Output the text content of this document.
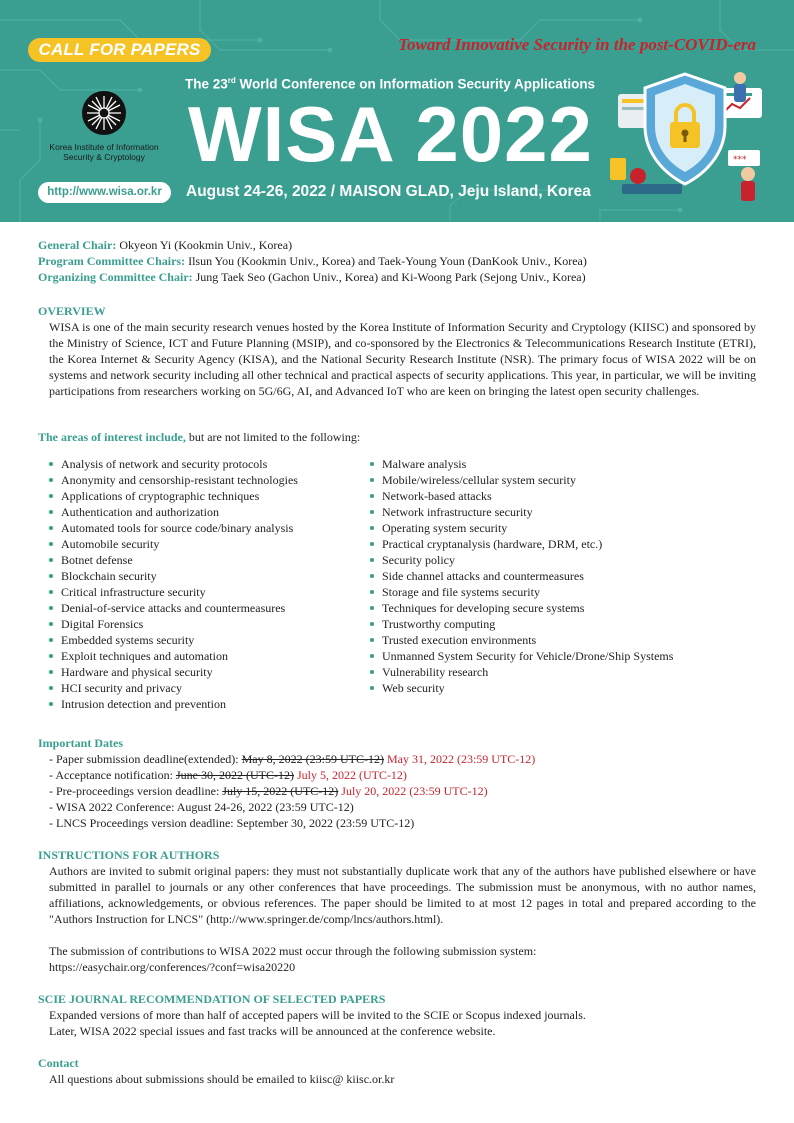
CALL FOR PAPERS	Toward Innovative Security in the post-COVID-era
The 23rd World Conference on Information Security Applications
WISA 2022
August 24-26, 2022 / MAISON GLAD, Jeju Island, Korea
http://www.wisa.or.kr
Korea Institute of Information
Security & Cryptology	***

General Chair: Okyeon Yi (Kookmin Univ., Korea)

Program Committee Chairs: Ilsun You (Kookmin Univ., Korea) and Taek-Young Youn (DanKook Univ., Korea)

Organizing Committee Chair: Jung Taek Seo (Gachon Univ., Korea) and Ki-Woong Park (Sejong Univ., Korea)

OVERVIEW
WISA is one of the main security research venues hosted by the Korea Institute of Information Security and Cryptology (KIISC) and sponsored by the Ministry of Science, ICT and Future Planning (MSIP), and co-sponsored by the Electronics & Telecommunications Research Institute (ETRI), the Korea Internet & Security Agency (KISA), and the National Security Research Institute (NSR). The primary focus of WISA 2022 will be on systems and network security including all other technical and practical aspects of security applications. This year, in particular, we will be inviting participations from researchers working on 5G/6G, AI, and Advanced IoT who are keen on bringing the latest open security challenges.
The areas of interest include, but are not limited to the following:
Analysis of network and security protocols
Anonymity and censorship-resistant technologies
Applications of cryptographic techniques
Authentication and authorization
Automated tools for source code/binary analysis
Automobile security
Botnet defense
Blockchain security
Critical infrastructure security
Denial-of-service attacks and countermeasures
Digital Forensics
Embedded systems security
Exploit techniques and automation
Hardware and physical security
HCI security and privacy
Intrusion detection and prevention
Malware analysis
Mobile/wireless/cellular system security
Network-based attacks
Network infrastructure security
Operating system security
Practical cryptanalysis (hardware, DRM, etc.)
Security policy
Side channel attacks and countermeasures
Storage and file systems security
Techniques for developing secure systems
Trustworthy computing
Trusted execution environments
Unmanned System Security for Vehicle/Drone/Ship Systems
Vulnerability research
Web security
Important Dates
- Paper submission deadline(extended): May 8, 2022 (23:59 UTC-12) May 31, 2022 (23:59 UTC-12)
- Acceptance notification: June 30, 2022 (UTC-12) July 5, 2022 (UTC-12)
- Pre-proceedings version deadline: July 15, 2022 (UTC-12) July 20, 2022 (23:59 UTC-12)
- WISA 2022 Conference: August 24-26, 2022 (23:59 UTC-12)
- LNCS Proceedings version deadline: September 30, 2022 (23:59 UTC-12)
INSTRUCTIONS FOR AUTHORS
Authors are invited to submit original papers: they must not substantially duplicate work that any of the authors have published elsewhere or have submitted in parallel to journals or any other conferences that have proceedings. The submission must be anonymous, with no author names, affiliations, acknowledgements, or obvious references. The paper should be limited to at most 12 pages in total and prepared according to the "Authors Instruction for LNCS" (http://www.springer.de/comp/lncs/authors.html).
The submission of contributions to WISA 2022 must occur through the following submission system:
https://easychair.org/conferences/?conf=wisa20220
SCIE JOURNAL RECOMMENDATION OF SELECTED PAPERS
Expanded versions of more than half of accepted papers will be invited to the SCIE or Scopus indexed journals.
Later, WISA 2022 special issues and fast tracks will be announced at the conference website.
Contact
All questions about submissions should be emailed to kiisc@ kiisc.or.kr
